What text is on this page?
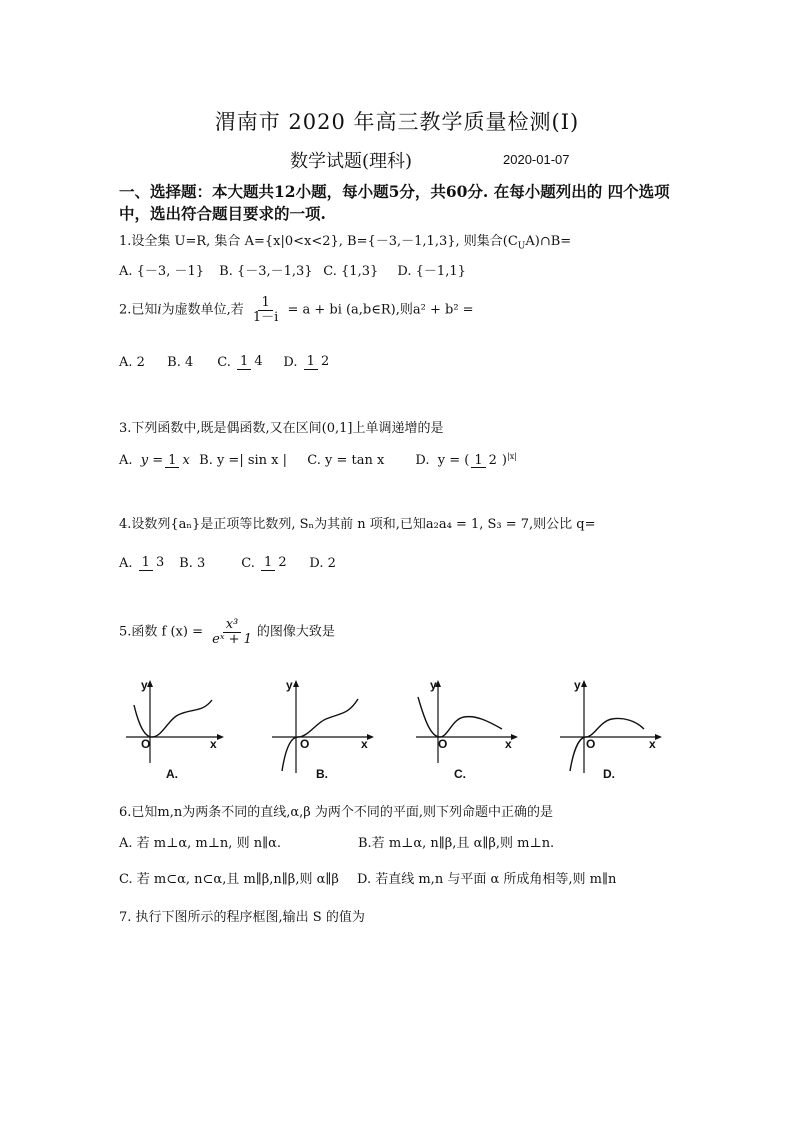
渭南市 2020 年高三教学质量检测(Ⅰ)
数学试题(理科)	2020-01-07
一、选择题：本大题共12小题，每小题5分，共60分. 在每小题列出的 四个选项
中，选出符合题目要求的一项.
1.设全集 U=R, 集合 A={x|0<x<2}, B={－3,－1,1,3}, 则集合$(C_UA)\cap B=$
A. {－3, －1} B. {－3,－1,3} C. {1,3} D. {－1,1}
2.已知i为虚数单位,若 $\frac{1}{1-i} = a$ + bi (a,b∈R),则a² + b² =
A. 2 B. 4 C. 1 4 D. 1 2
3.下列函数中,既是偶函数,又在区间(0,1]上单调递增的是
A. y = 1 x B. y =| sin x | C. y = tan x D. y = ( 1 2 )$^{|x|}$
4.设数列{aₙ}是正项等比数列, Sₙ为其前 n 项和,已知a₂a₄ = 1, S₃ = 7,则公比 q=
A. 1 3 B. 3	C. 1 2 D. 2
5.函数 f $(x) = \frac{\text{x³}}{\text{eˣ + 1}}$ 的图像大致是
y
x
O
A.
y
x
O
B.
y
x
O
C.
y
x
O
D.
6.已知m,n为两条不同的直线,α,β 为两个不同的平面,则下列命题中正确的是
A. 若 m⊥α, m⊥n, 则 n∥α.	B.若 m⊥α, n∥β,且 α∥β,则 m⊥n.
C. 若 m⊂α, n⊂α,且 m∥β,n∥β,则 α∥β D. 若直线 m,n 与平面 α 所成角相等,则 m∥n
7. 执行下图所示的程序框图,输出 S 的值为
